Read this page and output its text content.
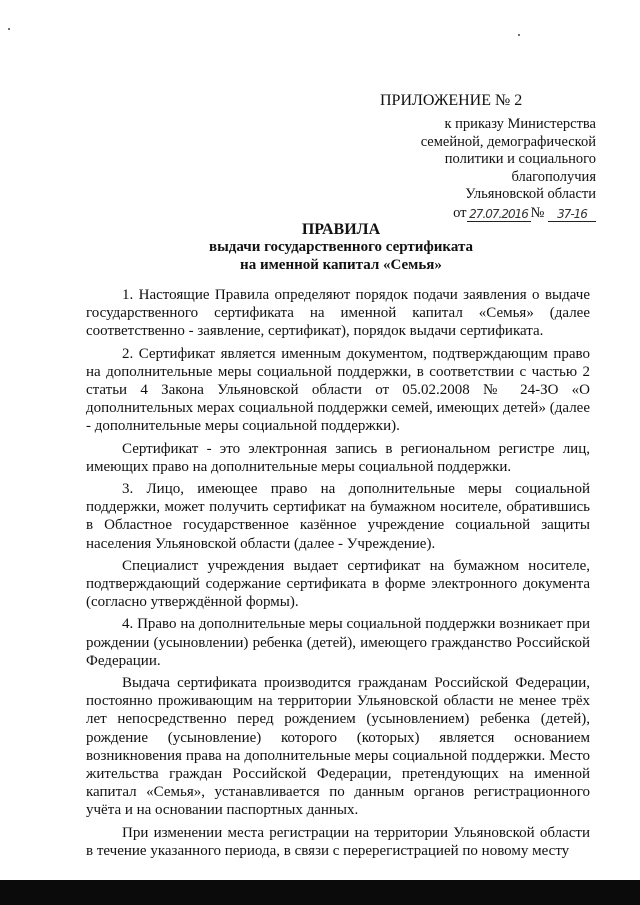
ПРИЛОЖЕНИЕ № 2
к приказу Министерства
семейной, демографической
политики и социального
благополучия
Ульяновской области
от 27.07.2016 № 37-16
ПРАВИЛА
выдачи государственного сертификата
на именной капитал «Семья»

1. Настоящие Правила определяют порядок подачи заявления о выдаче государственного сертификата на именной капитал «Семья» (далее соответственно - заявление, сертификат), порядок выдачи сертификата.

2. Сертификат является именным документом, подтверждающим право на дополнительные меры социальной поддержки, в соответствии с частью 2 статьи 4 Закона Ульяновской области от 05.02.2008 № 24-ЗО «О дополнительных мерах социальной поддержки семей, имеющих детей» (далее - дополнительные меры социальной поддержки).

Сертификат - это электронная запись в региональном регистре лиц, имеющих право на дополнительные меры социальной поддержки.

3. Лицо, имеющее право на дополнительные меры социальной поддержки, может получить сертификат на бумажном носителе, обратившись в Областное государственное казённое учреждение социальной защиты населения Ульяновской области (далее - Учреждение).

Специалист учреждения выдает сертификат на бумажном носителе, подтверждающий содержание сертификата в форме электронного документа (согласно утверждённой формы).

4. Право на дополнительные меры социальной поддержки возникает при рождении (усыновлении) ребенка (детей), имеющего гражданство Российской Федерации.

Выдача сертификата производится гражданам Российской Федерации, постоянно проживающим на территории Ульяновской области не менее трёх лет непосредственно перед рождением (усыновлением) ребенка (детей), рождение (усыновление) которого (которых) является основанием возникновения права на дополнительные меры социальной поддержки. Место жительства граждан Российской Федерации, претендующих на именной капитал «Семья», устанавливается по данным органов регистрационного учёта и на основании паспортных данных.

При изменении места регистрации на территории Ульяновской области в течение указанного периода, в связи с перерегистрацией по новому месту
